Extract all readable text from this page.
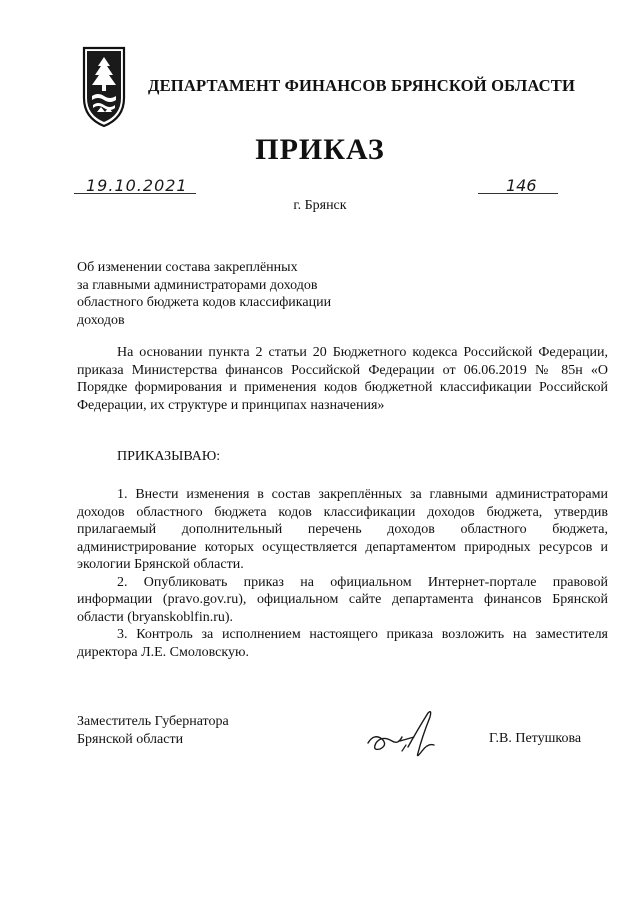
ДЕПАРТАМЕНТ ФИНАНСОВ БРЯНСКОЙ ОБЛАСТИ
ПРИКАЗ
19.10.2021	146
г. Брянск
Об изменении состава закреплённых
за главными администраторами доходов
областного бюджета кодов классификации
доходов

На основании пункта 2 статьи 20 Бюджетного кодекса Российской Федерации, приказа Министерства финансов Российской Федерации от 06.06.2019 № 85н «О Порядке формирования и применения кодов бюджетной классификации Российской Федерации, их структуре и принципах назначения»

ПРИКАЗЫВАЮ:

1. Внести изменения в состав закреплённых за главными администраторами доходов областного бюджета кодов классификации доходов бюджета, утвердив прилагаемый дополнительный перечень доходов областного бюджета, администрирование которых осуществляется департаментом природных ресурсов и экологии Брянской области.

2. Опубликовать приказ на официальном Интернет-портале правовой информации (pravo.gov.ru), официальном сайте департамента финансов Брянской области (bryanskoblfin.ru).

3. Контроль за исполнением настоящего приказа возложить на заместителя директора Л.Е. Смоловскую.

Заместитель Губернатора
Брянской области	Г.В. Петушкова
